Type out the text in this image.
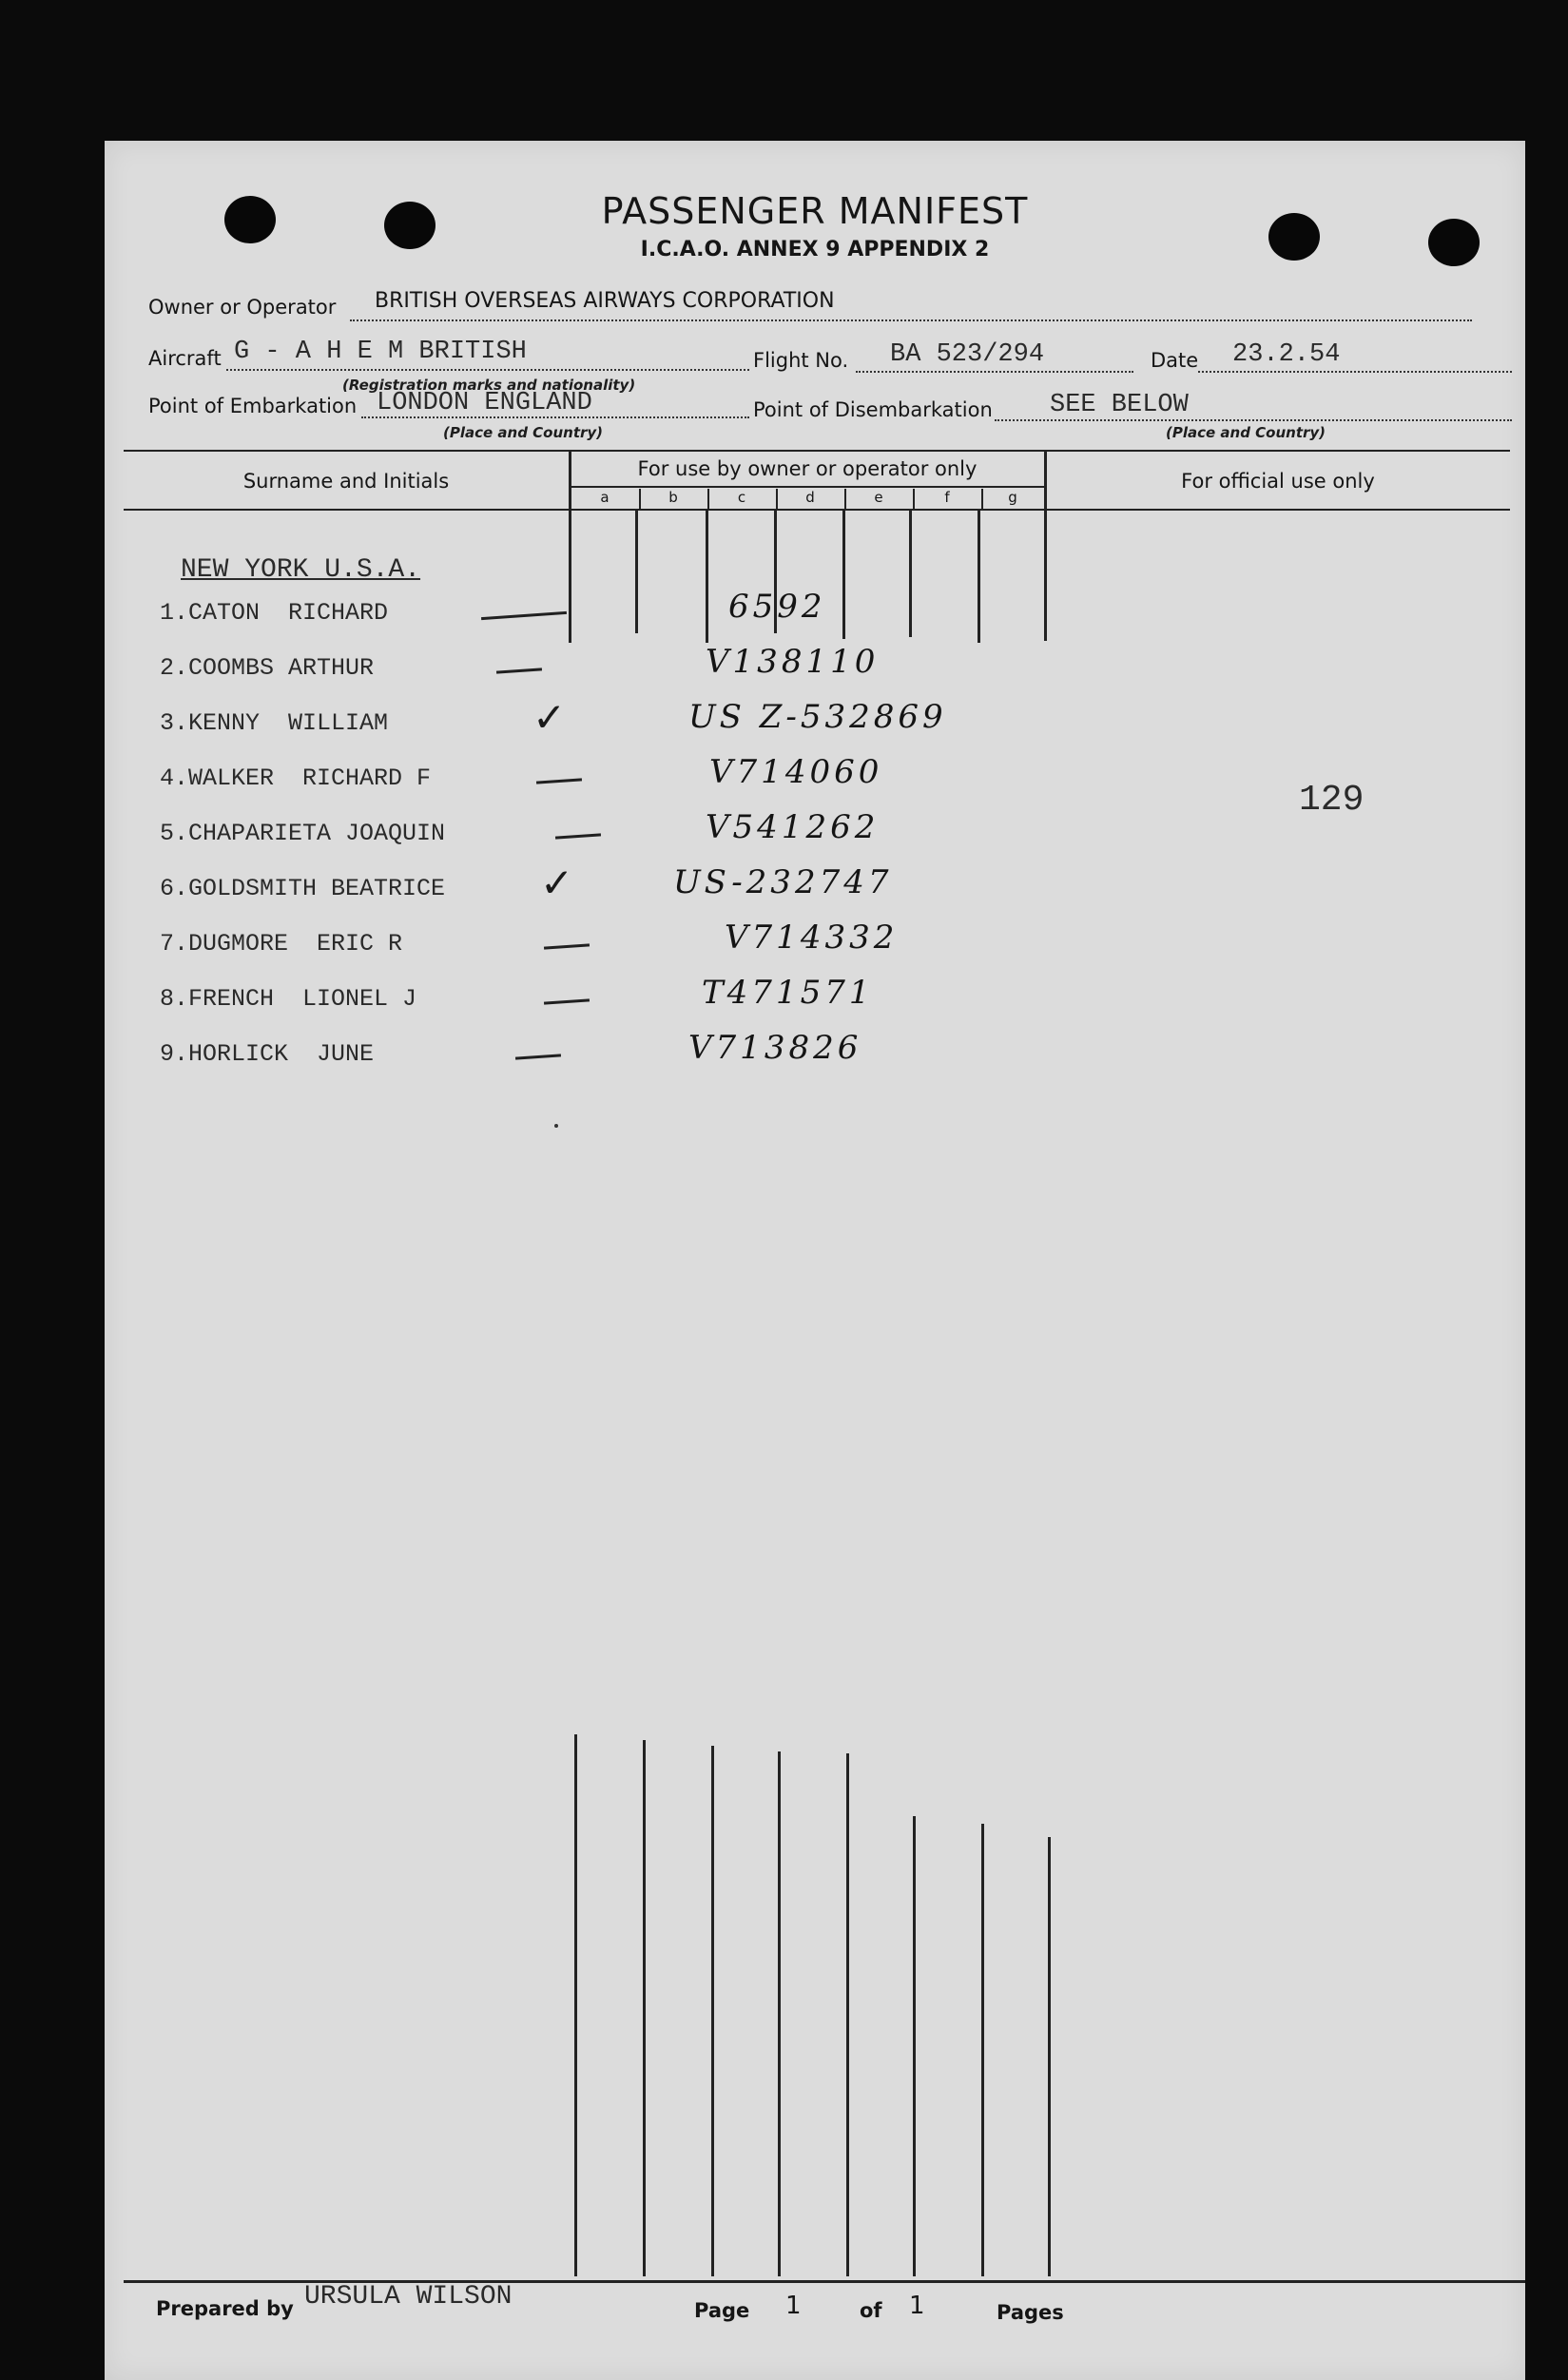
PASSENGER MANIFEST
I.C.A.O. ANNEX 9 APPENDIX 2
Owner or Operator BRITISH OVERSEAS AIRWAYS CORPORATION
Aircraft G - A H E M BRITISH
(Registration marks and nationality)
Flight No. BA 523/294	Date 23.2.54
Point of Embarkation LONDON ENGLAND
(Place and Country)
Point of Disembarkation SEE BELOW
(Place and Country)
Surname and Initials
For use by owner or operator only
a	b	c	d	e	f	g
For official use only
NEW YORK U.S.A.
1.CATON  RICHARD	6592
2.COOMBS ARTHUR	V138110
3.KENNY  WILLIAM	✓	US Z-532869
4.WALKER  RICHARD F	V714060
5.CHAPARIETA JOAQUIN	V541262
6.GOLDSMITH BEATRICE ✓	US-232747
7.DUGMORE  ERIC R	V714332
8.FRENCH  LIONEL J	T471571
9.HORLICK  JUNE	V713826
129
Prepared by URSULA WILSON	Page 1	of 1	Pages
